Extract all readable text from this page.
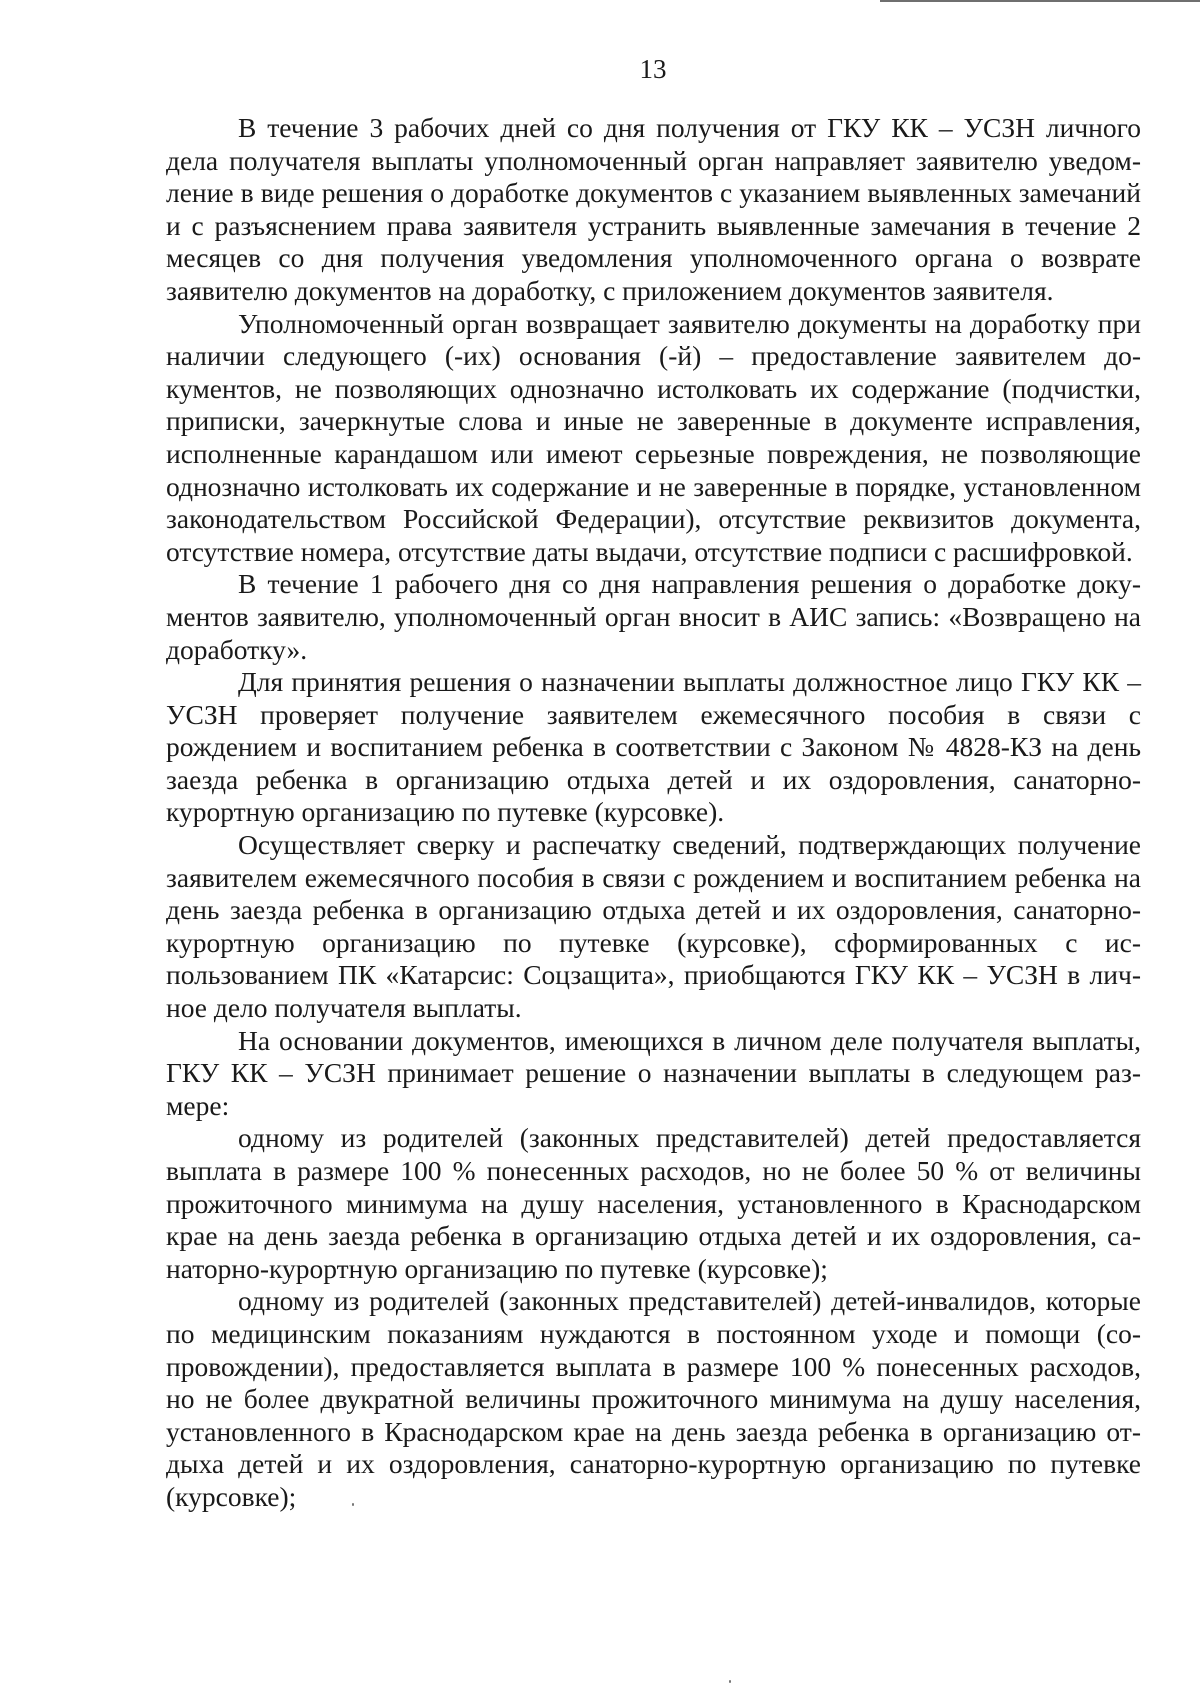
13

В течение 3 рабочих дней со дня получения от ГКУ КК – УСЗН личного дела получателя выплаты уполномоченный орган направляет заявителю уведомление в виде решения о доработке документов с указанием выявленных замечаний и с разъяснением права заявителя устранить выявленные замечания в течение 2 месяцев со дня получения уведомления уполномоченного органа о возврате заявителю документов на доработку, с приложением документов заявителя.

Уполномоченный орган возвращает заявителю документы на доработку при наличии следующего (-их) основания (-й) – предоставление заявителем документов, не позволяющих однозначно истолковать их содержание (подчистки, приписки, зачеркнутые слова и иные не заверенные в документе исправления, исполненные карандашом или имеют серьезные повреждения, не позволяющие однозначно истолковать их содержание и не заверенные в порядке, установленном законодательством Российской Федерации), отсутствие реквизитов документа, отсутствие номера, отсутствие даты выдачи, отсутствие подписи с расшифровкой.

В течение 1 рабочего дня со дня направления решения о доработке документов заявителю, уполномоченный орган вносит в АИС запись: «Возвращено на доработку».

Для принятия решения о назначении выплаты должностное лицо ГКУ КК – УСЗН проверяет получение заявителем ежемесячного пособия в связи с рождением и воспитанием ребенка в соответствии с Законом № 4828-КЗ на день заезда ребенка в организацию отдыха детей и их оздоровления, санаторно-курортную организацию по путевке (курсовке).

Осуществляет сверку и распечатку сведений, подтверждающих получение заявителем ежемесячного пособия в связи с рождением и воспитанием ребенка на день заезда ребенка в организацию отдыха детей и их оздоровления, санаторно-курортную организацию по путевке (курсовке), сформированных с использованием ПК «Катарсис: Соцзащита», приобщаются ГКУ КК – УСЗН в личное дело получателя выплаты.

На основании документов, имеющихся в личном деле получателя выплаты, ГКУ КК – УСЗН принимает решение о назначении выплаты в следующем размере:

одному из родителей (законных представителей) детей предоставляется выплата в размере 100 % понесенных расходов, но не более 50 % от величины прожиточного минимума на душу населения, установленного в Краснодарском крае на день заезда ребенка в организацию отдыха детей и их оздоровления, санаторно-курортную организацию по путевке (курсовке);

одному из родителей (законных представителей) детей-инвалидов, которые по медицинским показаниям нуждаются в постоянном уходе и помощи (сопровождении), предоставляется выплата в размере 100 % понесенных расходов, но не более двукратной величины прожиточного минимума на душу населения, установленного в Краснодарском крае на день заезда ребенка в организацию отдыха детей и их оздоровления, санаторно-курортную организацию по путевке (курсовке);
